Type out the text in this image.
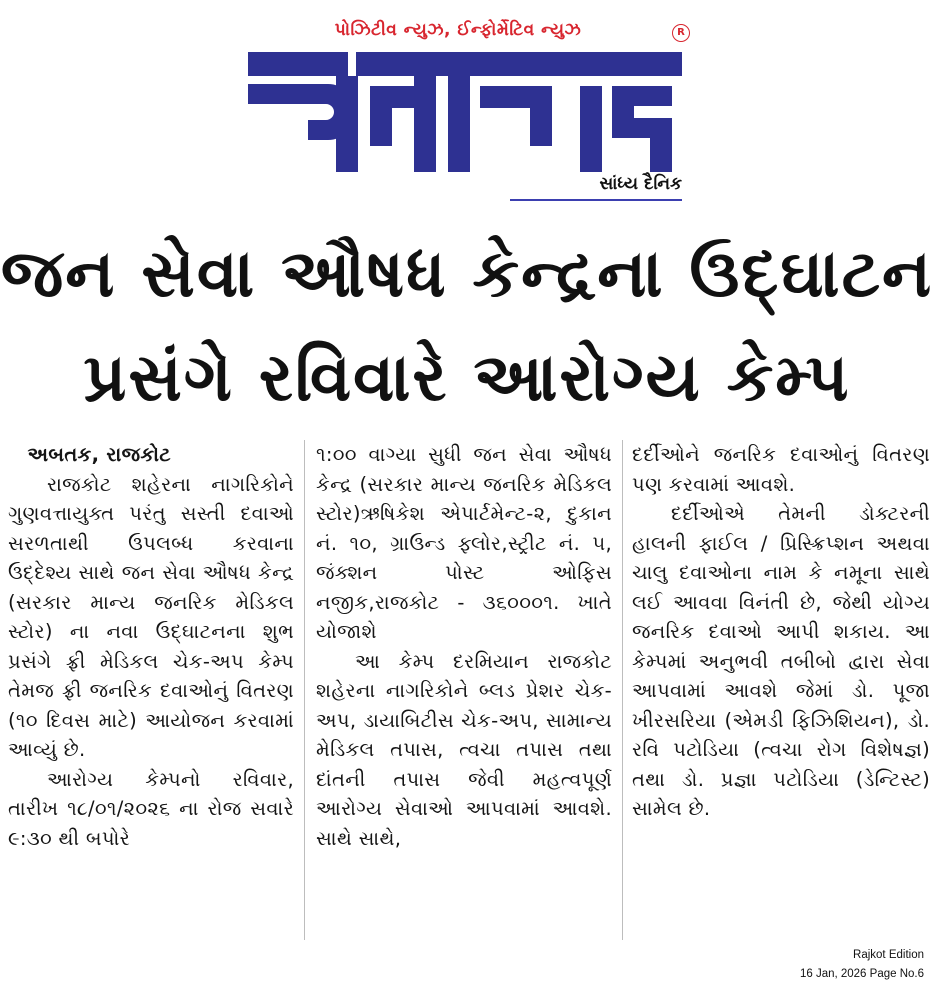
પોઝિટીવ ન્યુઝ, ઈન્ફોર્મેટિવ ન્યુઝ	R
સાંધ્ય દૈનિક
જન સેવા ઔષધ કેન્દ્રના ઉદ્ઘાટન
પ્રસંગે રવિવારે આરોગ્ય કેમ્પ
અબતક, રાજકોટ

રાજકોટ શહેરના નાગરિકોને ગુણવત્તાયુક્ત પરંતુ સસ્તી દવાઓ સરળતાથી ઉપલબ્ધ કરવાના ઉદ્દેશ્ય સાથે જન સેવા ઔષધ કેન્દ્ર (સરકાર માન્ય જનરિક મેડિકલ સ્ટોર) ના નવા ઉદ્ઘાટનના શુભ પ્રસંગે ફ્રી મેડિકલ ચેક-અપ કેમ્પ તેમજ ફ્રી જનરિક દવાઓનું વિતરણ (૧૦ દિવસ માટે) આયોજન કરવામાં આવ્યું છે.

આરોગ્ય કેમ્પનો રવિવાર, તારીખ ૧૮/૦૧/૨૦૨૬ ના રોજ સવારે ૯:૩૦ થી બપોરે

૧:૦૦ વાગ્યા સુધી જન સેવા ઔષધ કેન્દ્ર (સરકાર માન્ય જનરિક મેડિકલ સ્ટોર)ઋષિકેશ એપાર્ટમેન્ટ-૨, દુકાન નં. ૧૦, ગ્રાઉન્ડ ફ્લોર,સ્ટ્રીટ નં. ૫, જંક્શન પોસ્ટ ઓફિસ નજીક,રાજકોટ - ૩૬૦૦૦૧. ખાતે યોજાશે

આ કેમ્પ દરમિયાન રાજકોટ શહેરના નાગરિકોને બ્લડ પ્રેશર ચેક-અપ, ડાયાબિટીસ ચેક-અપ, સામાન્ય મેડિકલ તપાસ, ત્વચા તપાસ તથા દાંતની તપાસ જેવી મહત્વપૂર્ણ આરોગ્ય સેવાઓ આપવામાં આવશે. સાથે સાથે,

દર્દીઓને જનરિક દવાઓનું વિતરણ પણ કરવામાં આવશે.

દર્દીઓએ તેમની ડોક્ટરની હાલની ફાઈલ / પ્રિસ્ક્રિપ્શન અથવા ચાલુ દવાઓના નામ કે નમૂના સાથે લઈ આવવા વિનંતી છે, જેથી યોગ્ય જનરિક દવાઓ આપી શકાય. આ કેમ્પમાં અનુભવી તબીબો દ્વારા સેવા આપવામાં આવશે જેમાં ડો. પૂજા ખીરસરિયા (એમડી ફિઝિશિયન), ડો. રવિ પટોડિયા (ત્વચા રોગ વિશેષજ્ઞ) તથા ડો. પ્રજ્ઞા પટોડિયા (ડેન્ટિસ્ટ) સામેલ છે.

Rajkot Edition
16 Jan, 2026 Page No.6
